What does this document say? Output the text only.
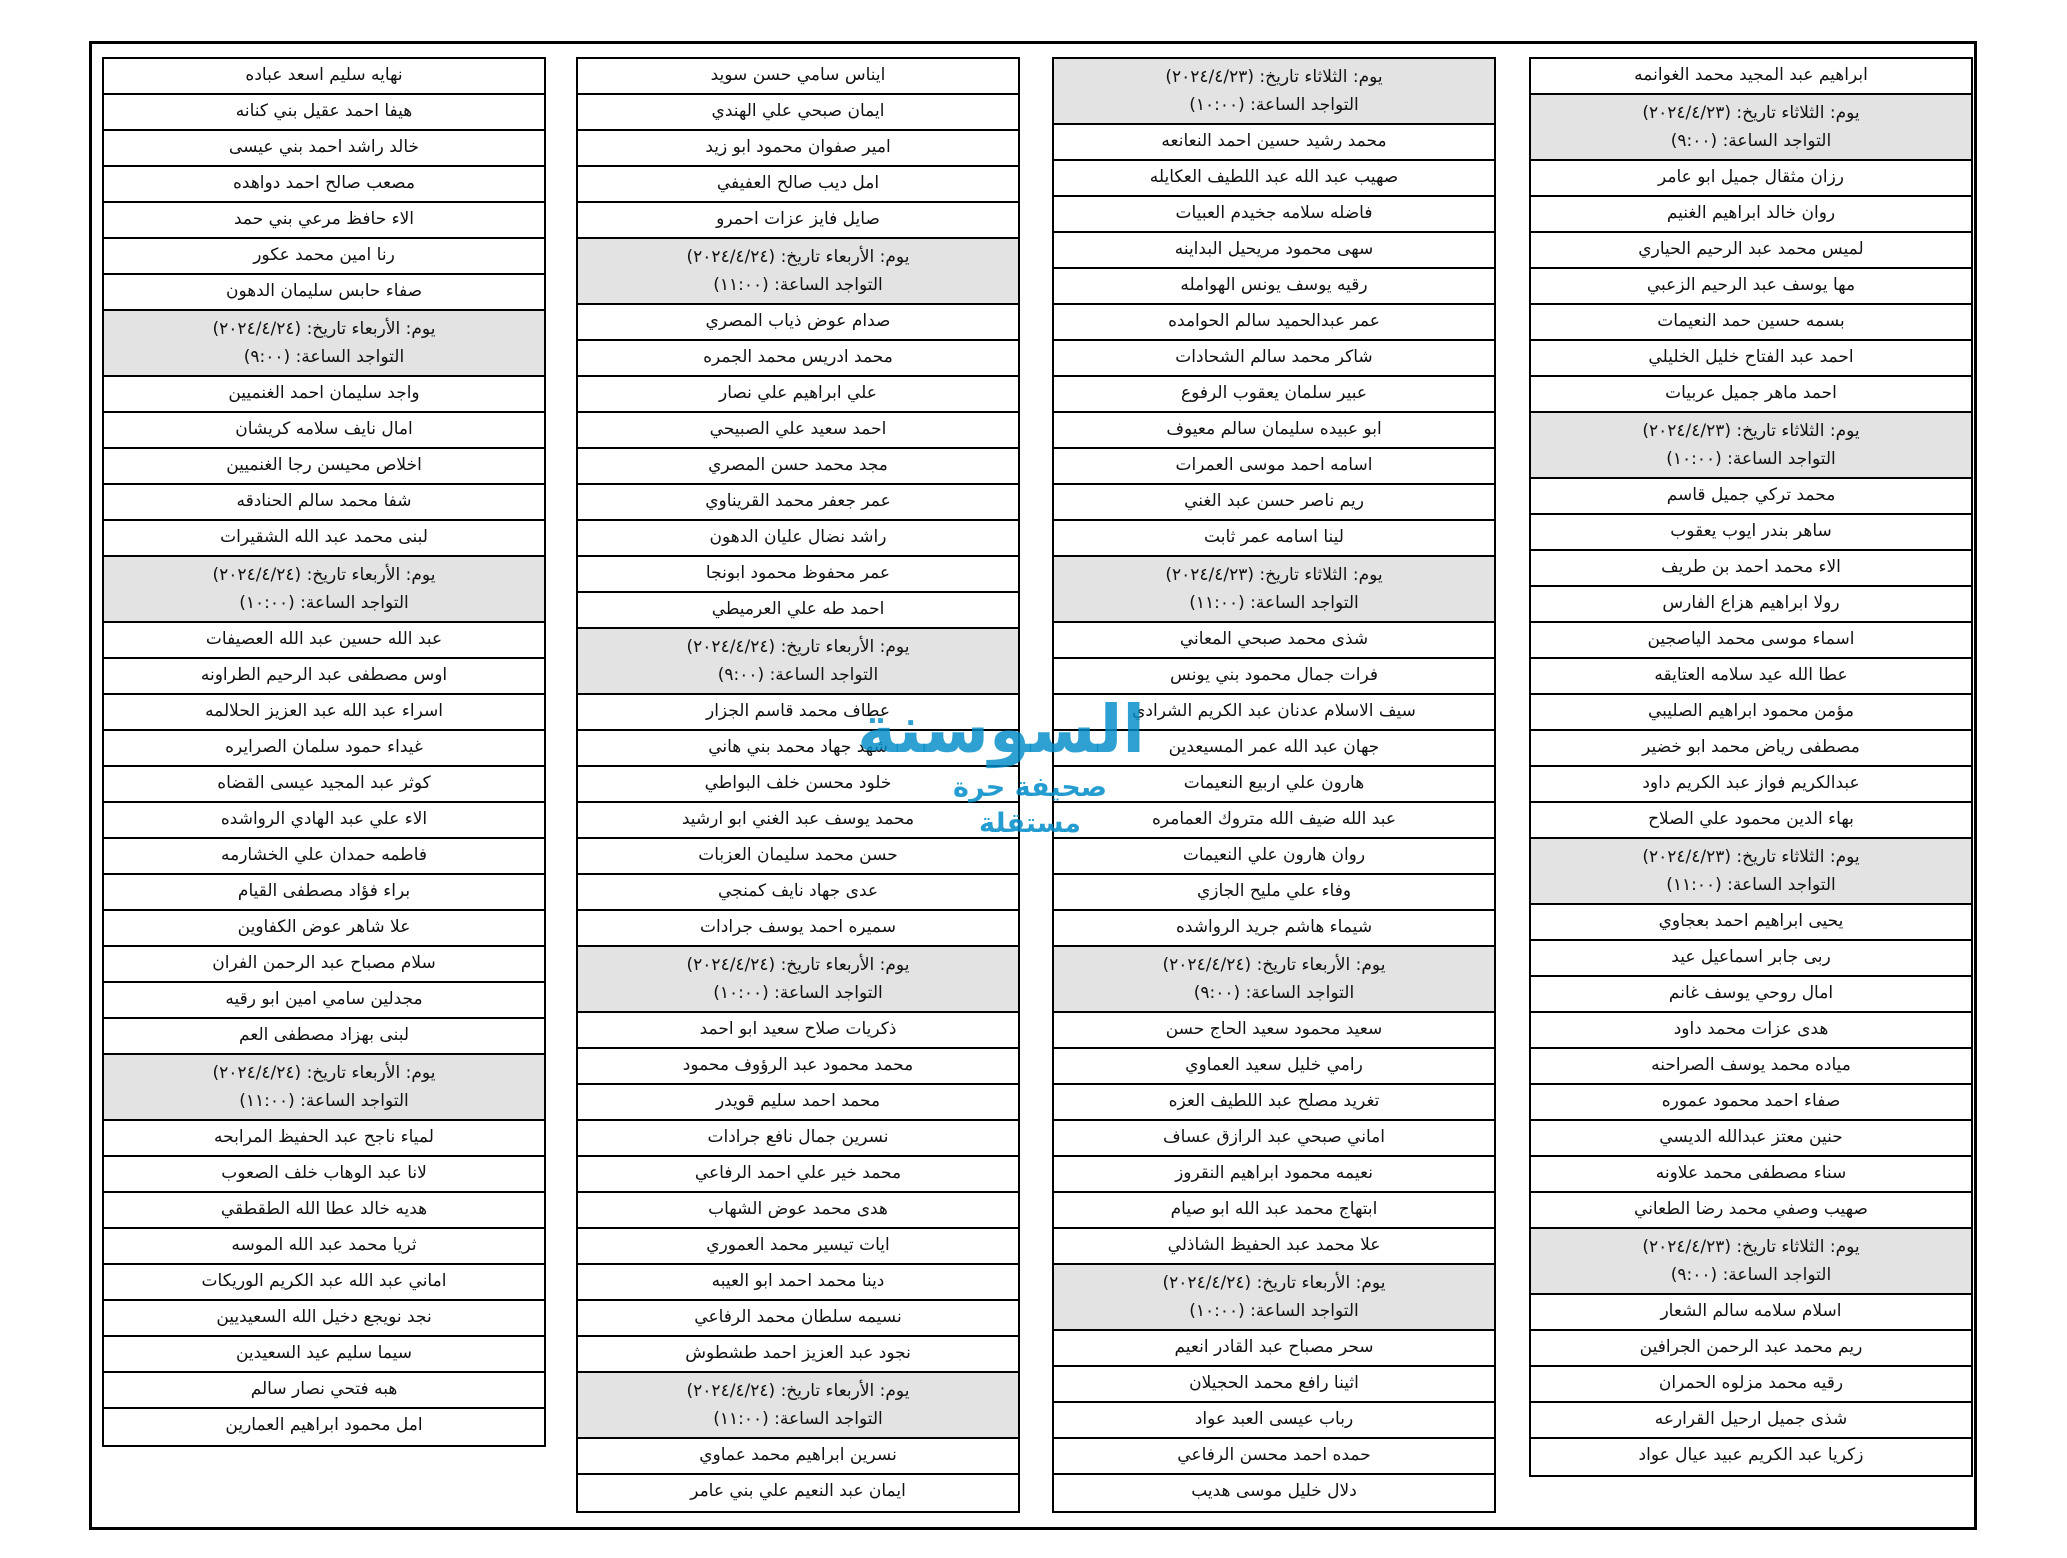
ابراهيم عبد المجيد محمد الغوانمه
يوم: الثلاثاء تاريخ: (٢٠٢٤/٤/٢٣)
التواجد الساعة: (٩:٠٠)
رزان مثقال جميل ابو عامر
روان خالد ابراهيم الغنيم
لميس محمد عبد الرحيم الحياري
مها يوسف عبد الرحيم الزعبي
بسمه حسين حمد النعيمات
احمد عبد الفتاح خليل الخليلي
احمد ماهر جميل عربيات
يوم: الثلاثاء تاريخ: (٢٠٢٤/٤/٢٣)
التواجد الساعة: (١٠:٠٠)
محمد تركي جميل قاسم
ساهر بندر ايوب يعقوب
الاء محمد احمد بن طريف
رولا ابراهيم هزاع الفارس
اسماء موسى محمد الياصجين
عطا الله عيد سلامه العتايقه
مؤمن محمود ابراهيم الصليبي
مصطفى رياض محمد ابو خضير
عبدالكريم فواز عبد الكريم داود
بهاء الدين محمود علي الصلاح
يوم: الثلاثاء تاريخ: (٢٠٢٤/٤/٢٣)
التواجد الساعة: (١١:٠٠)
يحيى ابراهيم احمد بعجاوي
ربى جابر اسماعيل عيد
امال روحي يوسف غانم
هدى عزات محمد داود
مياده محمد يوسف الصراحنه
صفاء احمد محمود عموره
حنين معتز عبدالله الديسي
سناء مصطفى محمد علاونه
صهيب وصفي محمد رضا الطعاني
يوم: الثلاثاء تاريخ: (٢٠٢٤/٤/٢٣)
التواجد الساعة: (٩:٠٠)
اسلام سلامه سالم الشعار
ريم محمد عبد الرحمن الجرافين
رقيه محمد مزلوه الحمران
شذى جميل ارحيل القرارعه
زكريا عبد الكريم عبيد عيال عواد
يوم: الثلاثاء تاريخ: (٢٠٢٤/٤/٢٣)
التواجد الساعة: (١٠:٠٠)
محمد رشيد حسين احمد النعانعه
صهيب عبد الله عبد اللطيف العكايله
فاضله سلامه جخيدم العبيات
سهى محمود مريحيل البداينه
رقيه يوسف يونس الهوامله
عمر عبدالحميد سالم الحوامده
شاكر محمد سالم الشحادات
عبير سلمان يعقوب الرفوع
ابو عبيده سليمان سالم معيوف
اسامه احمد موسى العمرات
ريم ناصر حسن عبد الغني
لينا اسامه عمر ثابت
يوم: الثلاثاء تاريخ: (٢٠٢٤/٤/٢٣)
التواجد الساعة: (١١:٠٠)
شذى محمد صبحي المعاني
فرات جمال محمود بني يونس
سيف الاسلام عدنان عبد الكريم الشرادي
جهان عبد الله عمر المسيعدين
هارون علي اربيع النعيمات
عبد الله ضيف الله متروك العمامره
روان هارون علي النعيمات
وفاء علي مليح الجازي
شيماء هاشم جريد الرواشده
يوم: الأربعاء تاريخ: (٢٠٢٤/٤/٢٤)
التواجد الساعة: (٩:٠٠)
سعيد محمود سعيد الحاج حسن
رامي خليل سعيد العماوي
تغريد مصلح عبد اللطيف العزه
اماني صبحي عبد الرازق عساف
نعيمه محمود ابراهيم النقروز
ابتهاج محمد عبد الله ابو صيام
علا محمد عبد الحفيظ الشاذلي
يوم: الأربعاء تاريخ: (٢٠٢٤/٤/٢٤)
التواجد الساعة: (١٠:٠٠)
سحر مصباح عبد القادر انعيم
اثينا رافع محمد الحجيلان
رباب عيسى العبد عواد
حمده احمد محسن الرفاعي
دلال خليل موسى هديب
ايناس سامي حسن سويد
ايمان صبحي علي الهندي
امير صفوان محمود ابو زيد
امل ديب صالح العفيفي
صايل فايز عزات احمرو
يوم: الأربعاء تاريخ: (٢٠٢٤/٤/٢٤)
التواجد الساعة: (١١:٠٠)
صدام عوض ذياب المصري
محمد ادريس محمد الجمره
علي ابراهيم علي نصار
احمد سعيد علي الصبيحي
مجد محمد حسن المصري
عمر جعفر محمد القريناوي
راشد نضال عليان الدهون
عمر محفوظ محمود ابونجا
احمد طه علي العرميطي
يوم: الأربعاء تاريخ: (٢٠٢٤/٤/٢٤)
التواجد الساعة: (٩:٠٠)
عطاف محمد قاسم الجزار
شهد جهاد محمد بني هاني
خلود محسن خلف البواطي
محمد يوسف عبد الغني ابو ارشيد
حسن محمد سليمان العزبات
عدى جهاد نايف كمنجي
سميره احمد يوسف جرادات
يوم: الأربعاء تاريخ: (٢٠٢٤/٤/٢٤)
التواجد الساعة: (١٠:٠٠)
ذكريات صلاح سعيد ابو احمد
محمد محمود عبد الرؤوف محمود
محمد احمد سليم قويدر
نسرين جمال نافع جرادات
محمد خير علي احمد الرفاعي
هدى محمد عوض الشهاب
ايات تيسير محمد العموري
دينا محمد احمد ابو العيبه
نسيمه سلطان محمد الرفاعي
نجود عبد العزيز احمد طشطوش
يوم: الأربعاء تاريخ: (٢٠٢٤/٤/٢٤)
التواجد الساعة: (١١:٠٠)
نسرين ابراهيم محمد عماوي
ايمان عبد النعيم علي بني عامر
نهايه سليم اسعد عباده
هيفا احمد عقيل بني كنانه
خالد راشد احمد بني عيسى
مصعب صالح احمد دواهده
الاء حافظ مرعي بني حمد
رنا امين محمد عكور
صفاء حابس سليمان الدهون
يوم: الأربعاء تاريخ: (٢٠٢٤/٤/٢٤)
التواجد الساعة: (٩:٠٠)
واجد سليمان احمد الغنميين
امال نايف سلامه كريشان
اخلاص محيسن رجا الغنميين
شفا محمد سالم الحنادقه
لبنى محمد عبد الله الشقيرات
يوم: الأربعاء تاريخ: (٢٠٢٤/٤/٢٤)
التواجد الساعة: (١٠:٠٠)
عبد الله حسين عبد الله العصيفات
اوس مصطفى عبد الرحيم الطراونه
اسراء عبد الله عبد العزيز الحلالمه
غيداء حمود سلمان الصرايره
كوثر عبد المجيد عيسى القضاه
الاء علي عبد الهادي الرواشده
فاطمه حمدان علي الخشارمه
براء فؤاد مصطفى القيام
علا شاهر عوض الكفاوين
سلام مصباح عبد الرحمن الفران
مجدلين سامي امين ابو رقيه
لبنى بهزاد مصطفى العم
يوم: الأربعاء تاريخ: (٢٠٢٤/٤/٢٤)
التواجد الساعة: (١١:٠٠)
لمياء ناجح عبد الحفيظ المرابحه
لانا عبد الوهاب خلف الصعوب
هديه خالد عطا الله الطقطقي
ثريا محمد عبد الله الموسه
اماني عبد الله عبد الكريم الوريكات
نجد نويجع دخيل الله السعيديين
سيما سليم عيد السعيدين
هبه فتحي نصار سالم
امل محمود ابراهيم العمارين
السوسنة
صحيفة حرة مستقلة
